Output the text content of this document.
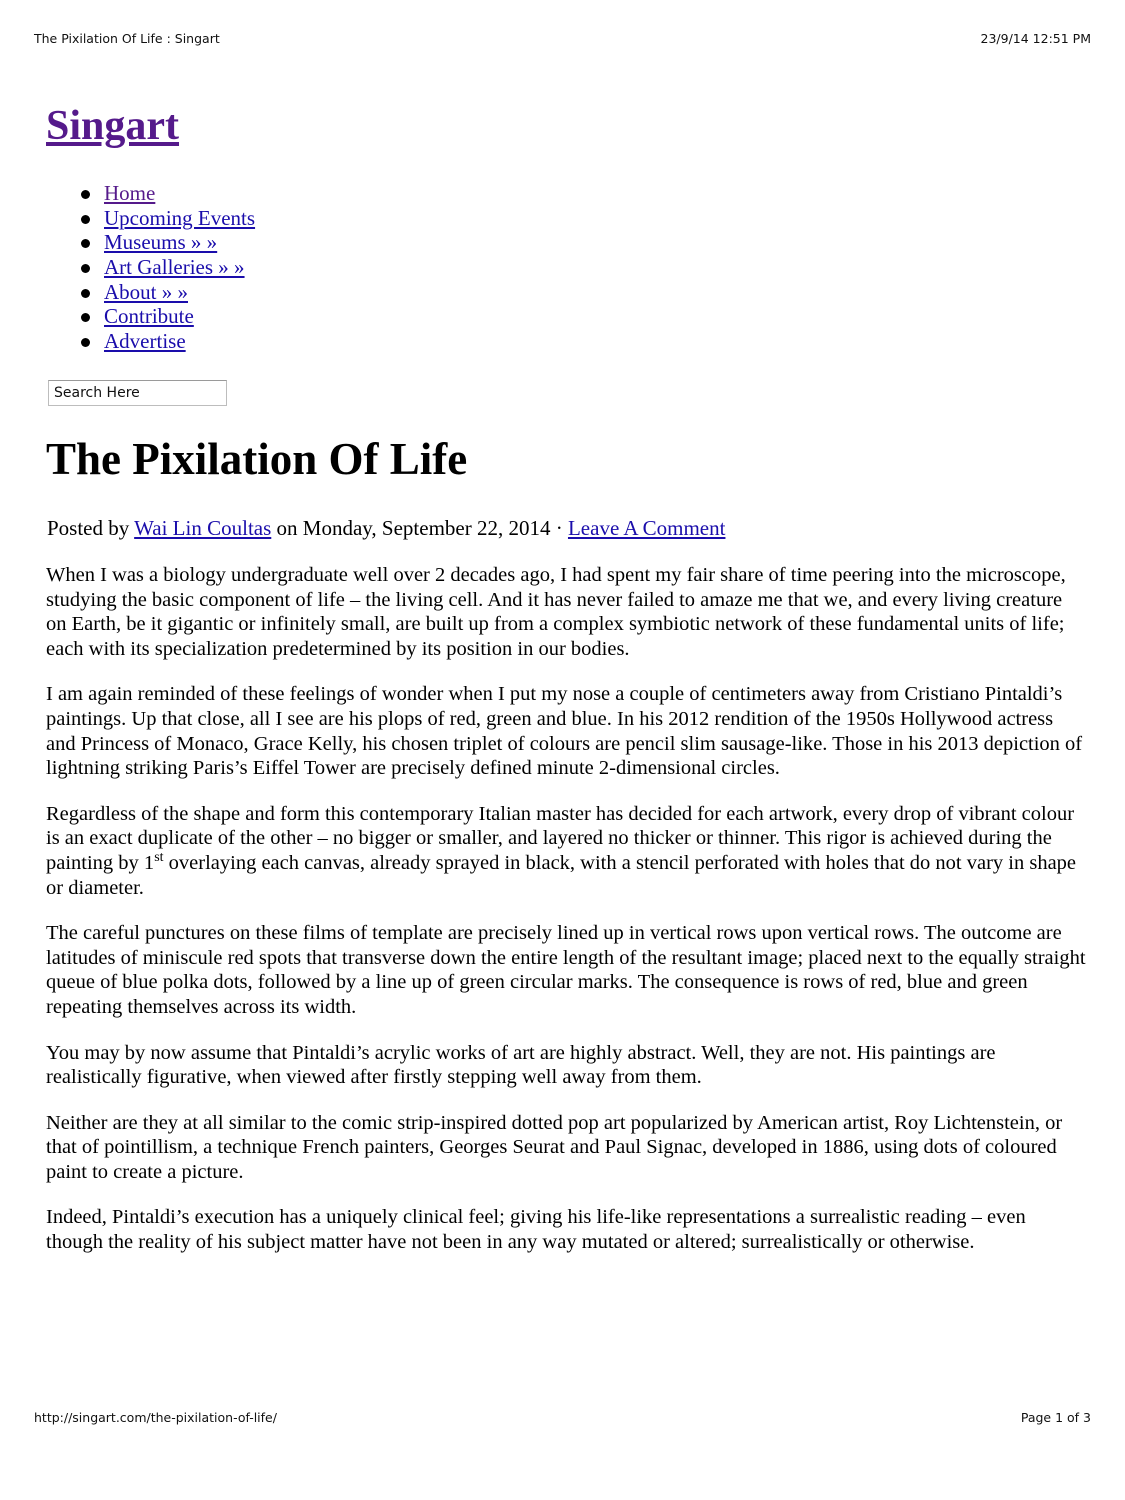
The Pixilation Of Life : Singart	23/9/14 12:51 PM
Singart
Home
Upcoming Events
Museums » »
Art Galleries » »
About » »
Contribute
Advertise
Search Here
The Pixilation Of Life
Posted by Wai Lin Coultas on Monday, September 22, 2014 · Leave A Comment

When I was a biology undergraduate well over 2 decades ago, I had spent my fair share of time peering into the microscope, studying the basic component of life – the living cell. And it has never failed to amaze me that we, and every living creature on Earth, be it gigantic or infinitely small, are built up from a complex symbiotic network of these fundamental units of life; each with its specialization predetermined by its position in our bodies.

I am again reminded of these feelings of wonder when I put my nose a couple of centimeters away from Cristiano Pintaldi’s paintings. Up that close, all I see are his plops of red, green and blue. In his 2012 rendition of the 1950s Hollywood actress and Princess of Monaco, Grace Kelly, his chosen triplet of colours are pencil slim sausage-like. Those in his 2013 depiction of lightning striking Paris’s Eiffel Tower are precisely defined minute 2-dimensional circles.

Regardless of the shape and form this contemporary Italian master has decided for each artwork, every drop of vibrant colour is an exact duplicate of the other – no bigger or smaller, and layered no thicker or thinner. This rigor is achieved during the painting by 1st overlaying each canvas, already sprayed in black, with a stencil perforated with holes that do not vary in shape or diameter.

The careful punctures on these films of template are precisely lined up in vertical rows upon vertical rows. The outcome are latitudes of miniscule red spots that transverse down the entire length of the resultant image; placed next to the equally straight queue of blue polka dots, followed by a line up of green circular marks. The consequence is rows of red, blue and green repeating themselves across its width.

You may by now assume that Pintaldi’s acrylic works of art are highly abstract. Well, they are not. His paintings are realistically figurative, when viewed after firstly stepping well away from them.

Neither are they at all similar to the comic strip-inspired dotted pop art popularized by American artist, Roy Lichtenstein, or that of pointillism, a technique French painters, Georges Seurat and Paul Signac, developed in 1886, using dots of coloured paint to create a picture.

Indeed, Pintaldi’s execution has a uniquely clinical feel; giving his life-like representations a surrealistic reading – even though the reality of his subject matter have not been in any way mutated or altered; surrealistically or otherwise.

http://singart.com/the-pixilation-of-life/	Page 1 of 3
